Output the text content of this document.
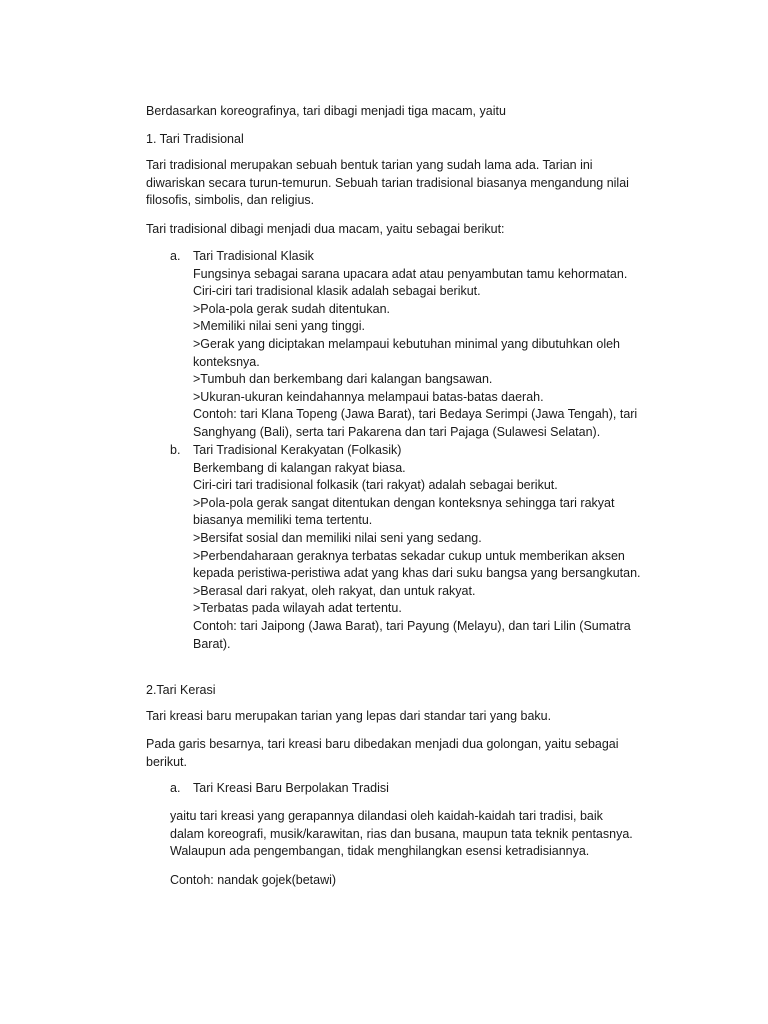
Berdasarkan koreografinya, tari dibagi menjadi tiga macam, yaitu

1. Tari Tradisional

Tari tradisional merupakan sebuah bentuk tarian yang sudah lama ada. Tarian ini
diwariskan secara turun-temurun. Sebuah tarian tradisional biasanya mengandung nilai
filosofis, simbolis, dan religius.

Tari tradisional dibagi menjadi dua macam, yaitu sebagai berikut:

a. Tari Tradisional Klasik
Fungsinya sebagai sarana upacara adat atau penyambutan tamu kehormatan.
Ciri-ciri tari tradisional klasik adalah sebagai berikut.
>Pola-pola gerak sudah ditentukan.
>Memiliki nilai seni yang tinggi.
>Gerak yang diciptakan melampaui kebutuhan minimal yang dibutuhkan oleh
konteksnya.
>Tumbuh dan berkembang dari kalangan bangsawan.
>Ukuran-ukuran keindahannya melampaui batas-batas daerah.
Contoh: tari Klana Topeng (Jawa Barat), tari Bedaya Serimpi (Jawa Tengah), tari
Sanghyang (Bali), serta tari Pakarena dan tari Pajaga (Sulawesi Selatan).

b. Tari Tradisional Kerakyatan (Folkasik)
Berkembang di kalangan rakyat biasa.
Ciri-ciri tari tradisional folkasik (tari rakyat) adalah sebagai berikut.
>Pola-pola gerak sangat ditentukan dengan konteksnya sehingga tari rakyat
biasanya memiliki tema tertentu.
>Bersifat sosial dan memiliki nilai seni yang sedang.
>Perbendaharaan geraknya terbatas sekadar cukup untuk memberikan aksen
kepada peristiwa-peristiwa adat yang khas dari suku bangsa yang bersangkutan.
>Berasal dari rakyat, oleh rakyat, dan untuk rakyat.
>Terbatas pada wilayah adat tertentu.
Contoh: tari Jaipong (Jawa Barat), tari Payung (Melayu), dan tari Lilin (Sumatra
Barat).

2.Tari Kerasi

Tari kreasi baru merupakan tarian yang lepas dari standar tari yang baku.

Pada garis besarnya, tari kreasi baru dibedakan menjadi dua golongan, yaitu sebagai
berikut.

a. Tari Kreasi Baru Berpolakan Tradisi

yaitu tari kreasi yang gerapannya dilandasi oleh kaidah-kaidah tari tradisi, baik
dalam koreografi, musik/karawitan, rias dan busana, maupun tata teknik pentasnya.
Walaupun ada pengembangan, tidak menghilangkan esensi ketradisiannya.

Contoh: nandak gojek(betawi)
